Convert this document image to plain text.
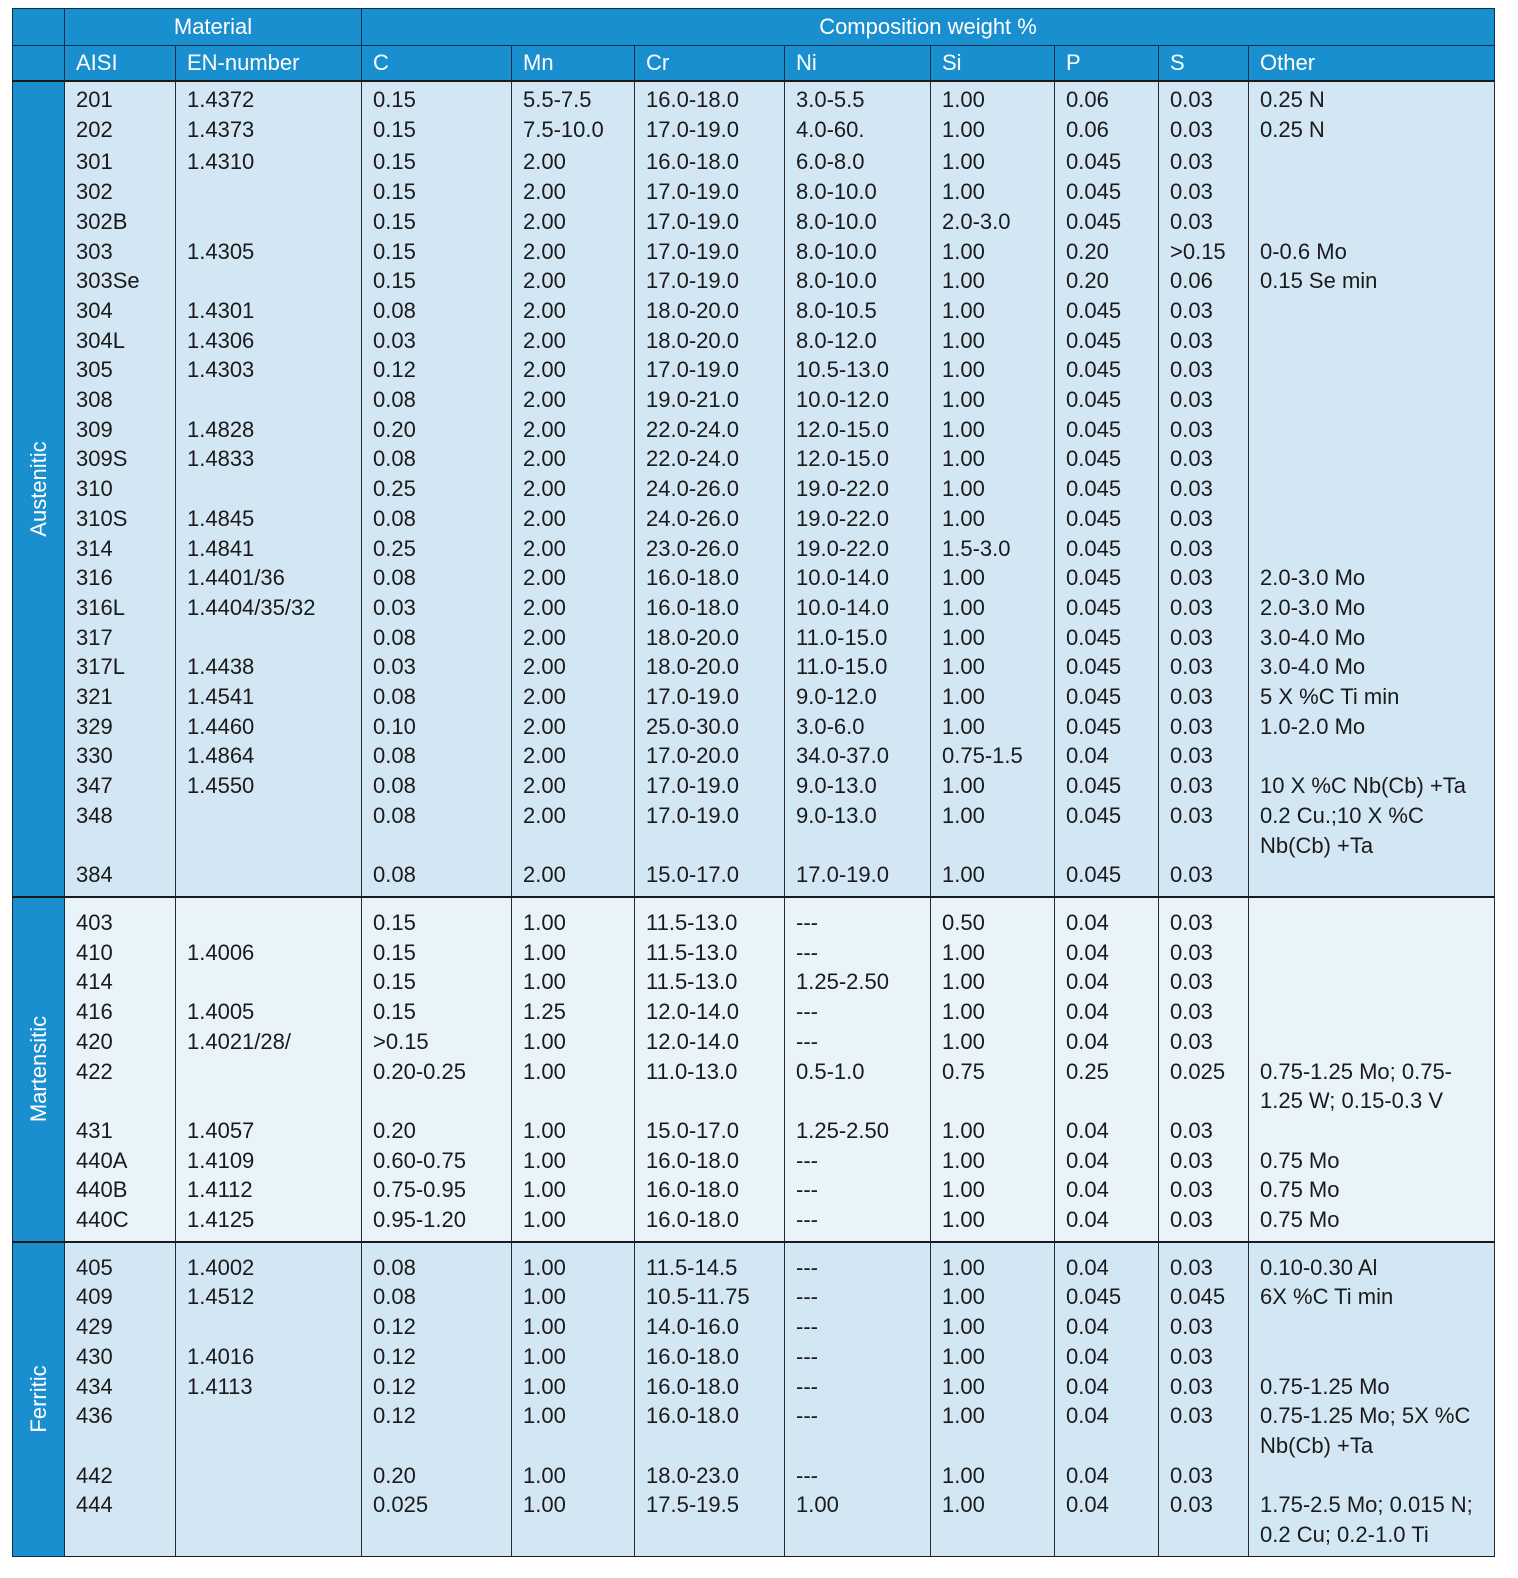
	Material		Composition weight %							
	AISI	EN-number	C	Mn	Cr	Ni	Si	P	S	Other

Austenitic	201	1.4372	0.15	5.5-7.5	16.0-18.0	3.0-5.5	1.00	0.06	0.03	0.25 N
	202	1.4373	0.15	7.5-10.0	17.0-19.0	4.0-60.	1.00	0.06	0.03	0.25 N
	301	1.4310	0.15	2.00	16.0-18.0	6.0-8.0	1.00	0.045	0.03	
	302		0.15	2.00	17.0-19.0	8.0-10.0	1.00	0.045	0.03	
	302B		0.15	2.00	17.0-19.0	8.0-10.0	2.0-3.0	0.045	0.03	
	303	1.4305	0.15	2.00	17.0-19.0	8.0-10.0	1.00	0.20	>0.15	0-0.6 Mo
	303Se		0.15	2.00	17.0-19.0	8.0-10.0	1.00	0.20	0.06	0.15 Se min
	304	1.4301	0.08	2.00	18.0-20.0	8.0-10.5	1.00	0.045	0.03	
	304L	1.4306	0.03	2.00	18.0-20.0	8.0-12.0	1.00	0.045	0.03	
	305	1.4303	0.12	2.00	17.0-19.0	10.5-13.0	1.00	0.045	0.03	
	308		0.08	2.00	19.0-21.0	10.0-12.0	1.00	0.045	0.03	
	309	1.4828	0.20	2.00	22.0-24.0	12.0-15.0	1.00	0.045	0.03	
	309S	1.4833	0.08	2.00	22.0-24.0	12.0-15.0	1.00	0.045	0.03	
	310		0.25	2.00	24.0-26.0	19.0-22.0	1.00	0.045	0.03	
	310S	1.4845	0.08	2.00	24.0-26.0	19.0-22.0	1.00	0.045	0.03	
	314	1.4841	0.25	2.00	23.0-26.0	19.0-22.0	1.5-3.0	0.045	0.03	
	316	1.4401/36	0.08	2.00	16.0-18.0	10.0-14.0	1.00	0.045	0.03	2.0-3.0 Mo
	316L	1.4404/35/32	0.03	2.00	16.0-18.0	10.0-14.0	1.00	0.045	0.03	2.0-3.0 Mo
	317		0.08	2.00	18.0-20.0	11.0-15.0	1.00	0.045	0.03	3.0-4.0 Mo
	317L	1.4438	0.03	2.00	18.0-20.0	11.0-15.0	1.00	0.045	0.03	3.0-4.0 Mo
	321	1.4541	0.08	2.00	17.0-19.0	9.0-12.0	1.00	0.045	0.03	5 X %C Ti min
	329	1.4460	0.10	2.00	25.0-30.0	3.0-6.0	1.00	0.045	0.03	1.0-2.0 Mo
	330	1.4864	0.08	2.00	17.0-20.0	34.0-37.0	0.75-1.5	0.04	0.03	
	347	1.4550	0.08	2.00	17.0-19.0	9.0-13.0	1.00	0.045	0.03	10 X %C Nb(Cb) +Ta
	348		0.08	2.00	17.0-19.0	9.0-13.0	1.00	0.045	0.03	0.2 Cu.;10 X %C Nb(Cb) +Ta
	384		0.08	2.00	15.0-17.0	17.0-19.0	1.00	0.045	0.03	

Martensitic	403		0.15	1.00	11.5-13.0	---	0.50	0.04	0.03	
	410	1.4006	0.15	1.00	11.5-13.0	---	1.00	0.04	0.03	
	414		0.15	1.00	11.5-13.0	1.25-2.50	1.00	0.04	0.03	
	416	1.4005	0.15	1.25	12.0-14.0	---	1.00	0.04	0.03	
	420	1.4021/28/	>0.15	1.00	12.0-14.0	---	1.00	0.04	0.03	
	422		0.20-0.25	1.00	11.0-13.0	0.5-1.0	0.75	0.25	0.025	0.75-1.25 Mo; 0.75-1.25 W; 0.15-0.3 V
	431	1.4057	0.20	1.00	15.0-17.0	1.25-2.50	1.00	0.04	0.03	
	440A	1.4109	0.60-0.75	1.00	16.0-18.0	---	1.00	0.04	0.03	0.75 Mo
	440B	1.4112	0.75-0.95	1.00	16.0-18.0	---	1.00	0.04	0.03	0.75 Mo
	440C	1.4125	0.95-1.20	1.00	16.0-18.0	---	1.00	0.04	0.03	0.75 Mo

Ferritic	405	1.4002	0.08	1.00	11.5-14.5	---	1.00	0.04	0.03	0.10-0.30 Al
	409	1.4512	0.08	1.00	10.5-11.75	---	1.00	0.045	0.045	6X %C Ti min
	429		0.12	1.00	14.0-16.0	---	1.00	0.04	0.03	
	430	1.4016	0.12	1.00	16.0-18.0	---	1.00	0.04	0.03	
	434	1.4113	0.12	1.00	16.0-18.0	---	1.00	0.04	0.03	0.75-1.25 Mo
	436		0.12	1.00	16.0-18.0	---	1.00	0.04	0.03	0.75-1.25 Mo; 5X %C Nb(Cb) +Ta
	442		0.20	1.00	18.0-23.0	---	1.00	0.04	0.03	
	444		0.025	1.00	17.5-19.5	1.00	1.00	0.04	0.03	1.75-2.5 Mo; 0.015 N; 0.2 Cu; 0.2-1.0 Ti
